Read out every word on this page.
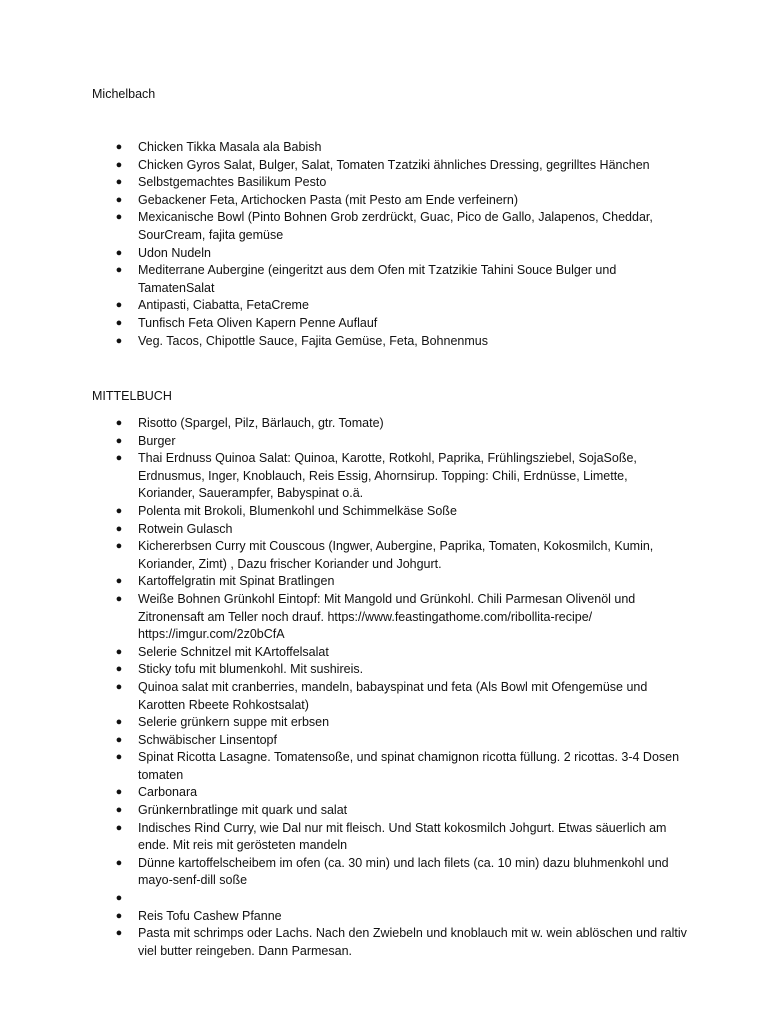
Michelbach
● Chicken Tikka Masala ala Babish
● Chicken Gyros Salat, Bulger, Salat, Tomaten Tzatziki ähnliches Dressing, gegrilltes Hänchen
● Selbstgemachtes Basilikum Pesto
● Gebackener Feta, Artichocken Pasta (mit Pesto am Ende verfeinern)
● Mexicanische Bowl (Pinto Bohnen Grob zerdrückt, Guac, Pico de Gallo, Jalapenos, Cheddar, SourCream, fajita gemüse
● Udon Nudeln
● Mediterrane Aubergine (eingeritzt aus dem Ofen mit Tzatzikie Tahini Souce Bulger und TamatenSalat
● Antipasti, Ciabatta, FetaCreme
● Tunfisch Feta Oliven Kapern Penne Auflauf
● Veg. Tacos, Chipottle Sauce, Fajita Gemüse, Feta, Bohnenmus
MITTELBUCH
● Risotto (Spargel, Pilz, Bärlauch, gtr. Tomate)
● Burger
● Thai Erdnuss Quinoa Salat: Quinoa, Karotte, Rotkohl, Paprika, Frühlingsziebel, SojaSoße, Erdnusmus, Inger, Knoblauch, Reis Essig, Ahornsirup. Topping: Chili, Erdnüsse, Limette, Koriander, Sauerampfer, Babyspinat o.ä.
● Polenta mit Brokoli, Blumenkohl und Schimmelkäse Soße
● Rotwein Gulasch
● Kichererbsen Curry mit Couscous (Ingwer, Aubergine, Paprika, Tomaten, Kokosmilch, Kumin, Koriander, Zimt) , Dazu frischer Koriander und Johgurt.
● Kartoffelgratin mit Spinat Bratlingen
● Weiße Bohnen Grünkohl Eintopf: Mit Mangold und Grünkohl. Chili Parmesan Olivenöl und Zitronensaft am Teller noch drauf. https://www.feastingathome.com/ribollita-recipe/ https://imgur.com/2z0bCfA
● Selerie Schnitzel mit KArtoffelsalat
● Sticky tofu mit blumenkohl. Mit sushireis.
● Quinoa salat mit cranberries, mandeln, babayspinat und feta (Als Bowl mit Ofengemüse und Karotten Rbeete Rohkostsalat)
● Selerie grünkern suppe mit erbsen
● Schwäbischer Linsentopf
● Spinat Ricotta Lasagne. Tomatensoße, und spinat chamignon ricotta füllung. 2 ricottas. 3-4 Dosen tomaten
● Carbonara
● Grünkernbratlinge mit quark und salat
● Indisches Rind Curry, wie Dal nur mit fleisch. Und Statt kokosmilch Johgurt. Etwas säuerlich am ende. Mit reis mit gerösteten mandeln
● Dünne kartoffelscheibem im ofen (ca. 30 min) und lach filets (ca. 10 min) dazu bluhmenkohl und mayo-senf-dill soße
●
● Reis Tofu Cashew Pfanne
● Pasta mit schrimps oder Lachs. Nach den Zwiebeln und knoblauch mit w. wein ablöschen und raltiv viel butter reingeben. Dann Parmesan.
